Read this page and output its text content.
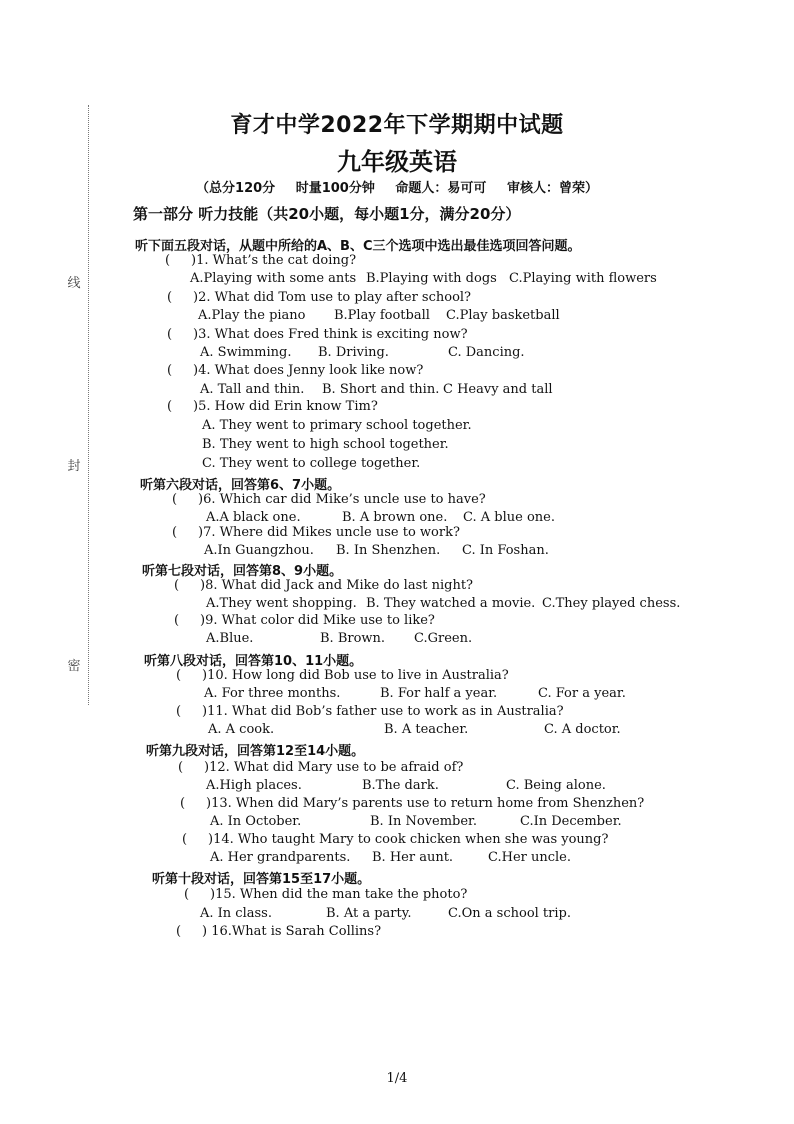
线
封
密
育才中学2022年下学期期中试题
九年级英语
（总分120分 时量100分钟 命题人：易可可 审核人：曾荣）
第一部分 听力技能（共20小题，每小题1分，满分20分）
听下面五段对话，从题中所给的A、B、C三个选项中选出最佳选项回答问题。
( )1. What’s the cat doing?
A.Playing with some ants B.Playing with dogs C.Playing with flowers
( )2. What did Tom use to play after school?
A.Play the piano B.Play football C.Play basketball
( )3. What does Fred think is exciting now?
A. Swimming. B. Driving.	C. Dancing.
( )4. What does Jenny look like now?
A. Tall and thin. B. Short and thin. C Heavy and tall
( )5. How did Erin know Tim?
A. They went to primary school together.
B. They went to high school together.
C. They went to college together.
听第六段对话，回答第6、7小题。
( )6. Which car did Mike’s uncle use to have?
A.A black one.	B. A brown one. C. A blue one.
( )7. Where did Mikes uncle use to work?
A.In Guangzhou. B. In Shenzhen. C. In Foshan.
听第七段对话，回答第8、9小题。
( )8. What did Jack and Mike do last night?
A.They went shopping. B. They watched a movie. C.They played chess.
( )9. What color did Mike use to like?
A.Blue.	B. Brown. C.Green.
听第八段对话，回答第10、11小题。
( )10. How long did Bob use to live in Australia?
A. For three months.	B. For half a year.	C. For a year.
( )11. What did Bob’s father use to work as in Australia?
A. A cook.	B. A teacher.	C. A doctor.
听第九段对话，回答第12至14小题。
( )12. What did Mary use to be afraid of?
A.High places.	B.The dark.	C. Being alone.
( )13. When did Mary’s parents use to return home from Shenzhen?
A. In October.	B. In November.	C.In December.
( )14. Who taught Mary to cook chicken when she was young?
A. Her grandparents. B. Her aunt.	C.Her uncle.
听第十段对话，回答第15至17小题。
( )15. When did the man take the photo?
A. In class.	B. At a party.	C.On a school trip.
( ) 16.What is Sarah Collins?
1/4
